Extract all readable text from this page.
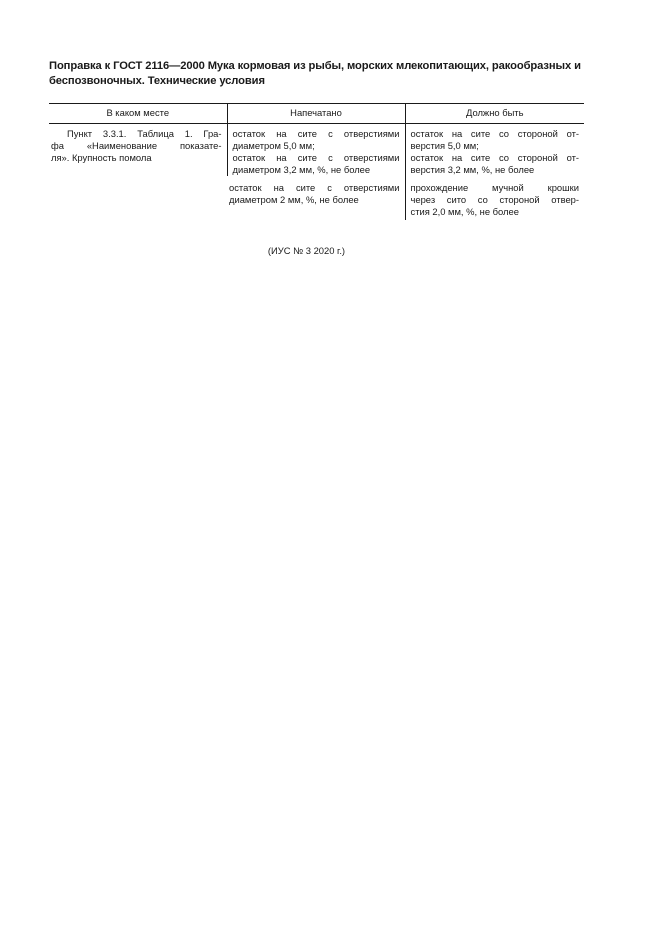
Поправка к ГОСТ 2116—2000 Мука кормовая из рыбы, морских млекопитающих, ракообразных и
беспозвоночных. Технические условия
В каком месте	Напечатано	Должно быть

Пункт 3.3.1. Таблица 1. Гра-
фа «Наименование показате-
ля». Крупность помола	остаток на сите с отверстиями
диаметром 5,0 мм;
остаток на сите с отверстиями
диаметром 3,2 мм, %, не более	остаток на сите со стороной от-
верстия 5,0 мм;
остаток на сите со стороной от-
верстия 3,2 мм, %, не более

	остаток на сите с отверстиями
диаметром 2 мм, %, не более	прохождение мучной крошки
через сито со стороной отвер-
стия 2,0 мм, %, не более
(ИУС № 3 2020 г.)
